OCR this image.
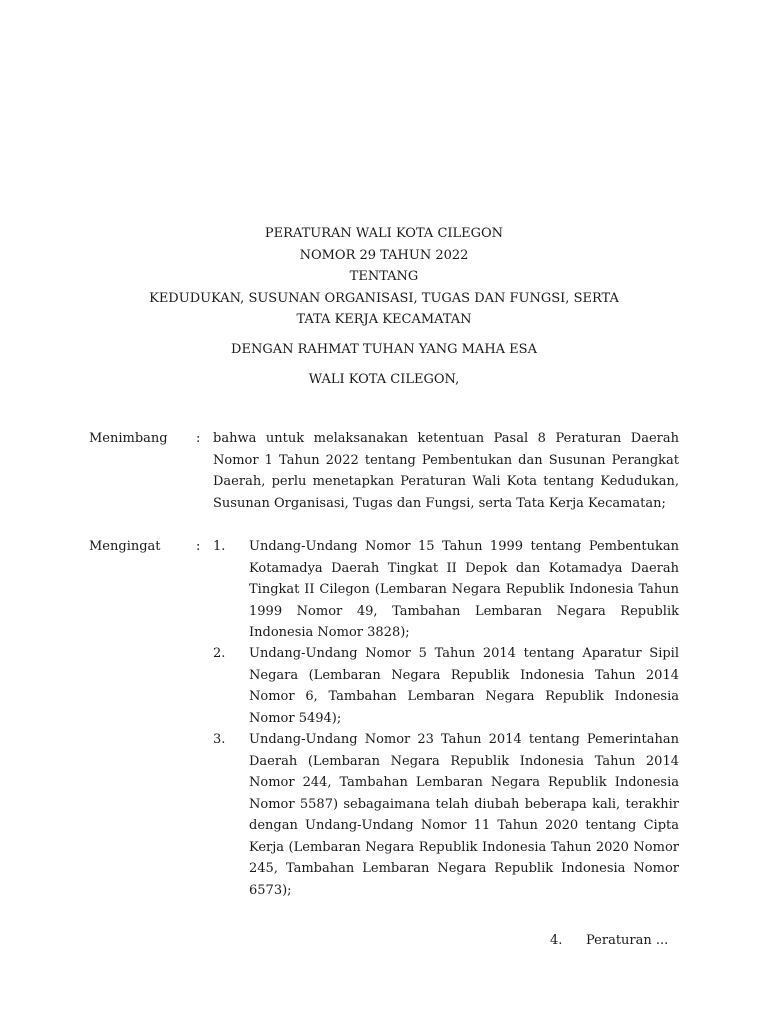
PERATURAN WALI KOTA CILEGON
NOMOR 29 TAHUN 2022
TENTANG
KEDUDUKAN, SUSUNAN ORGANISASI, TUGAS DAN FUNGSI, SERTA
TATA KERJA KECAMATAN
DENGAN RAHMAT TUHAN YANG MAHA ESA
WALI KOTA CILEGON,
Menimbang : bahwa untuk melaksanakan ketentuan Pasal 8 Peraturan Daerah Nomor 1 Tahun 2022 tentang Pembentukan dan Susunan Perangkat Daerah, perlu menetapkan Peraturan Wali Kota tentang Kedudukan, Susunan Organisasi, Tugas dan Fungsi, serta Tata Kerja Kecamatan;
Mengingat	: 1. Undang-Undang Nomor 15 Tahun 1999 tentang Pembentukan Kotamadya Daerah Tingkat II Depok dan Kotamadya Daerah Tingkat II Cilegon (Lembaran Negara Republik Indonesia Tahun 1999 Nomor 49, Tambahan Lembaran Negara Republik Indonesia Nomor 3828);
2. Undang-Undang Nomor 5 Tahun 2014 tentang Aparatur Sipil Negara (Lembaran Negara Republik Indonesia Tahun 2014 Nomor 6, Tambahan Lembaran Negara Republik Indonesia Nomor 5494);
3. Undang-Undang Nomor 23 Tahun 2014 tentang Pemerintahan Daerah (Lembaran Negara Republik Indonesia Tahun 2014 Nomor 244, Tambahan Lembaran Negara Republik Indonesia Nomor 5587) sebagaimana telah diubah beberapa kali, terakhir dengan Undang-Undang Nomor 11 Tahun 2020 tentang Cipta Kerja (Lembaran Negara Republik Indonesia Tahun 2020 Nomor 245, Tambahan Lembaran Negara Republik Indonesia Nomor 6573);
4. Peraturan ...
